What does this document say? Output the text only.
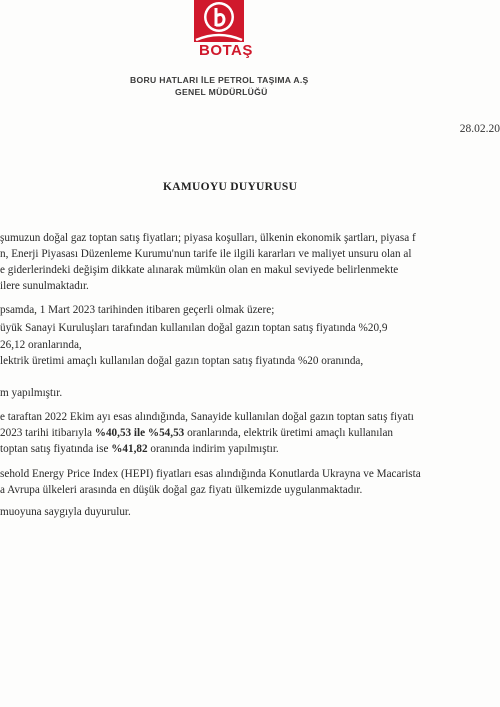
BOTAŞ
BORU HATLARI İLE PETROL TAŞIMA A.Ş
GENEL MÜDÜRLÜĞÜ
28.02.20
KAMUOYU DUYURUSU
şumuzun doğal gaz toptan satış fiyatları; piyasa koşulları, ülkenin ekonomik şartları, piyasa f
n, Enerji Piyasası Düzenleme Kurumu'nun tarife ile ilgili kararları ve maliyet unsuru olan al
e giderlerindeki değişim dikkate alınarak mümkün olan en makul seviyede belirlenmekte
ilere sunulmaktadır.
psamda, 1 Mart 2023 tarihinden itibaren geçerli olmak üzere;
üyük Sanayi Kuruluşları tarafından kullanılan doğal gazın toptan satış fiyatında %20,9
26,12 oranlarında,
lektrik üretimi amaçlı kullanılan doğal gazın toptan satış fiyatında %20 oranında,
m yapılmıştır.
e taraftan 2022 Ekim ayı esas alındığında, Sanayide kullanılan doğal gazın toptan satış fiyatı
2023 tarihi itibarıyla %40,53 ile %54,53 oranlarında, elektrik üretimi amaçlı kullanılan
toptan satış fiyatında ise %41,82 oranında indirim yapılmıştır.
sehold Energy Price Index (HEPI) fiyatları esas alındığında Konutlarda Ukrayna ve Macarista
a Avrupa ülkeleri arasında en düşük doğal gaz fiyatı ülkemizde uygulanmaktadır.
muoyuna saygıyla duyurulur.
